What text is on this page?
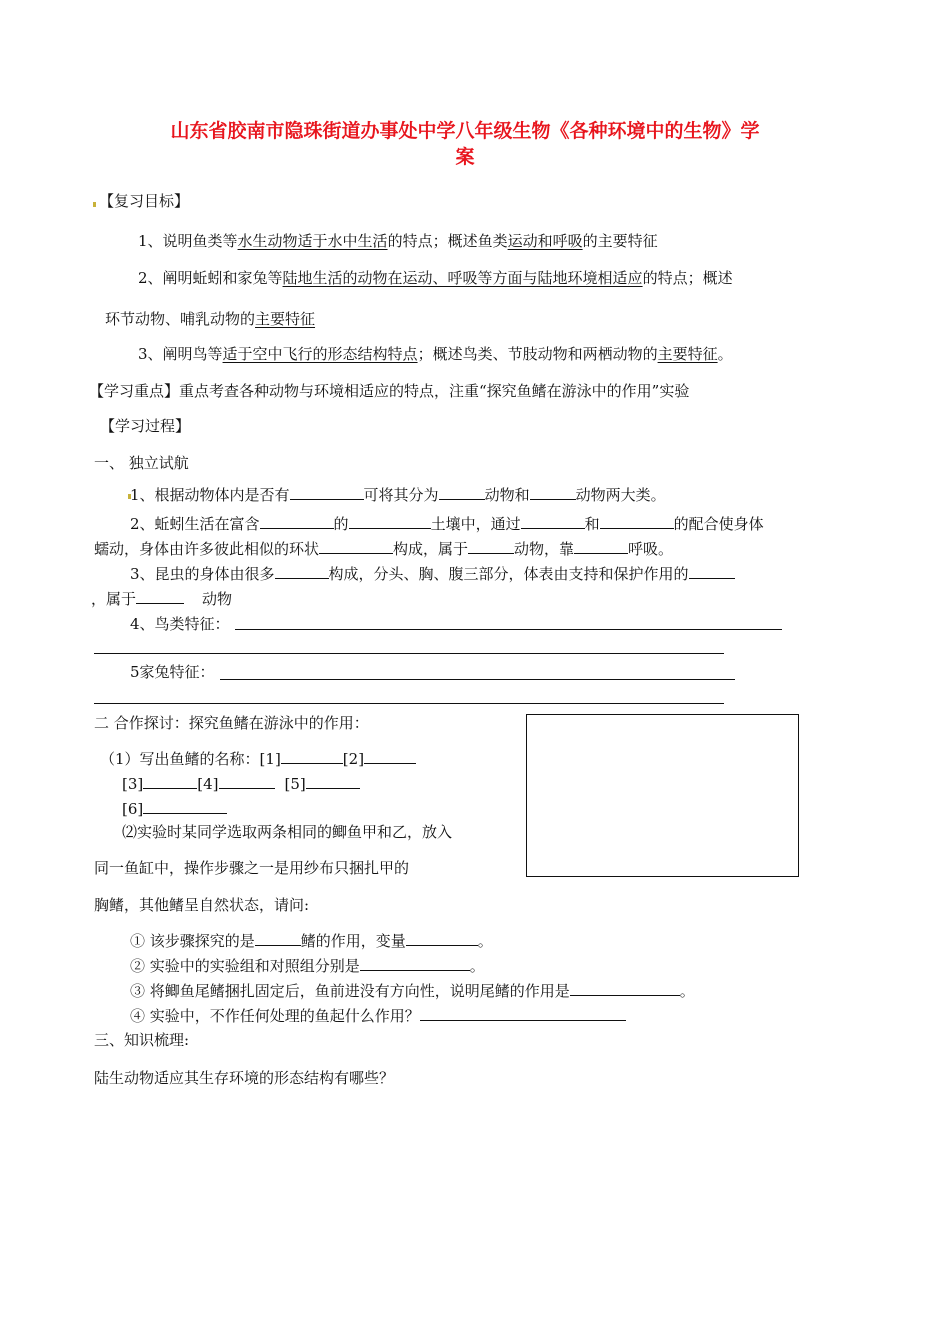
山东省胶南市隐珠街道办事处中学八年级生物《各种环境中的生物》学
案
【复习目标】
1、说明鱼类等水生动物适于水中生活的特点；概述鱼类运动和呼吸的主要特征
2、阐明蚯蚓和家兔等陆地生活的动物在运动、呼吸等方面与陆地环境相适应的特点；概述
环节动物、哺乳动物的主要特征
3、阐明鸟等适于空中飞行的形态结构特点；概述鸟类、节肢动物和两栖动物的主要特征。
【学习重点】重点考查各种动物与环境相适应的特点，注重“探究鱼鳍在游泳中的作用”实验
【学习过程】
一、 独立试航
1、根据动物体内是否有	可将其分为	动物和	动物两大类。
2、蚯蚓生活在富含	的	土壤中，通过	和	的配合使身体
蠕动，身体由许多彼此相似的环状	构成，属于	动物，靠	呼吸。
3、昆虫的身体由很多	构成，分头、胸、腹三部分，体表由支持和保护作用的
，属于	动物
4、鸟类特征：
5家兔特征：
二 合作探讨：探究鱼鳍在游泳中的作用：
（1）写出鱼鳍的名称：[1]	[2]
[3]	[4]	[5]
[6]
⑵实验时某同学选取两条相同的鲫鱼甲和乙，放入
同一鱼缸中，操作步骤之一是用纱布只捆扎甲的
胸鳍，其他鳍呈自然状态，请问:
① 该步骤探究的是	鳍的作用，变量	。
② 实验中的实验组和对照组分别是	。
③ 将鲫鱼尾鳍捆扎固定后，鱼前进没有方向性，说明尾鳍的作用是	。
④ 实验中，不作任何处理的鱼起什么作用？
三、知识梳理:
陆生动物适应其生存环境的形态结构有哪些？
